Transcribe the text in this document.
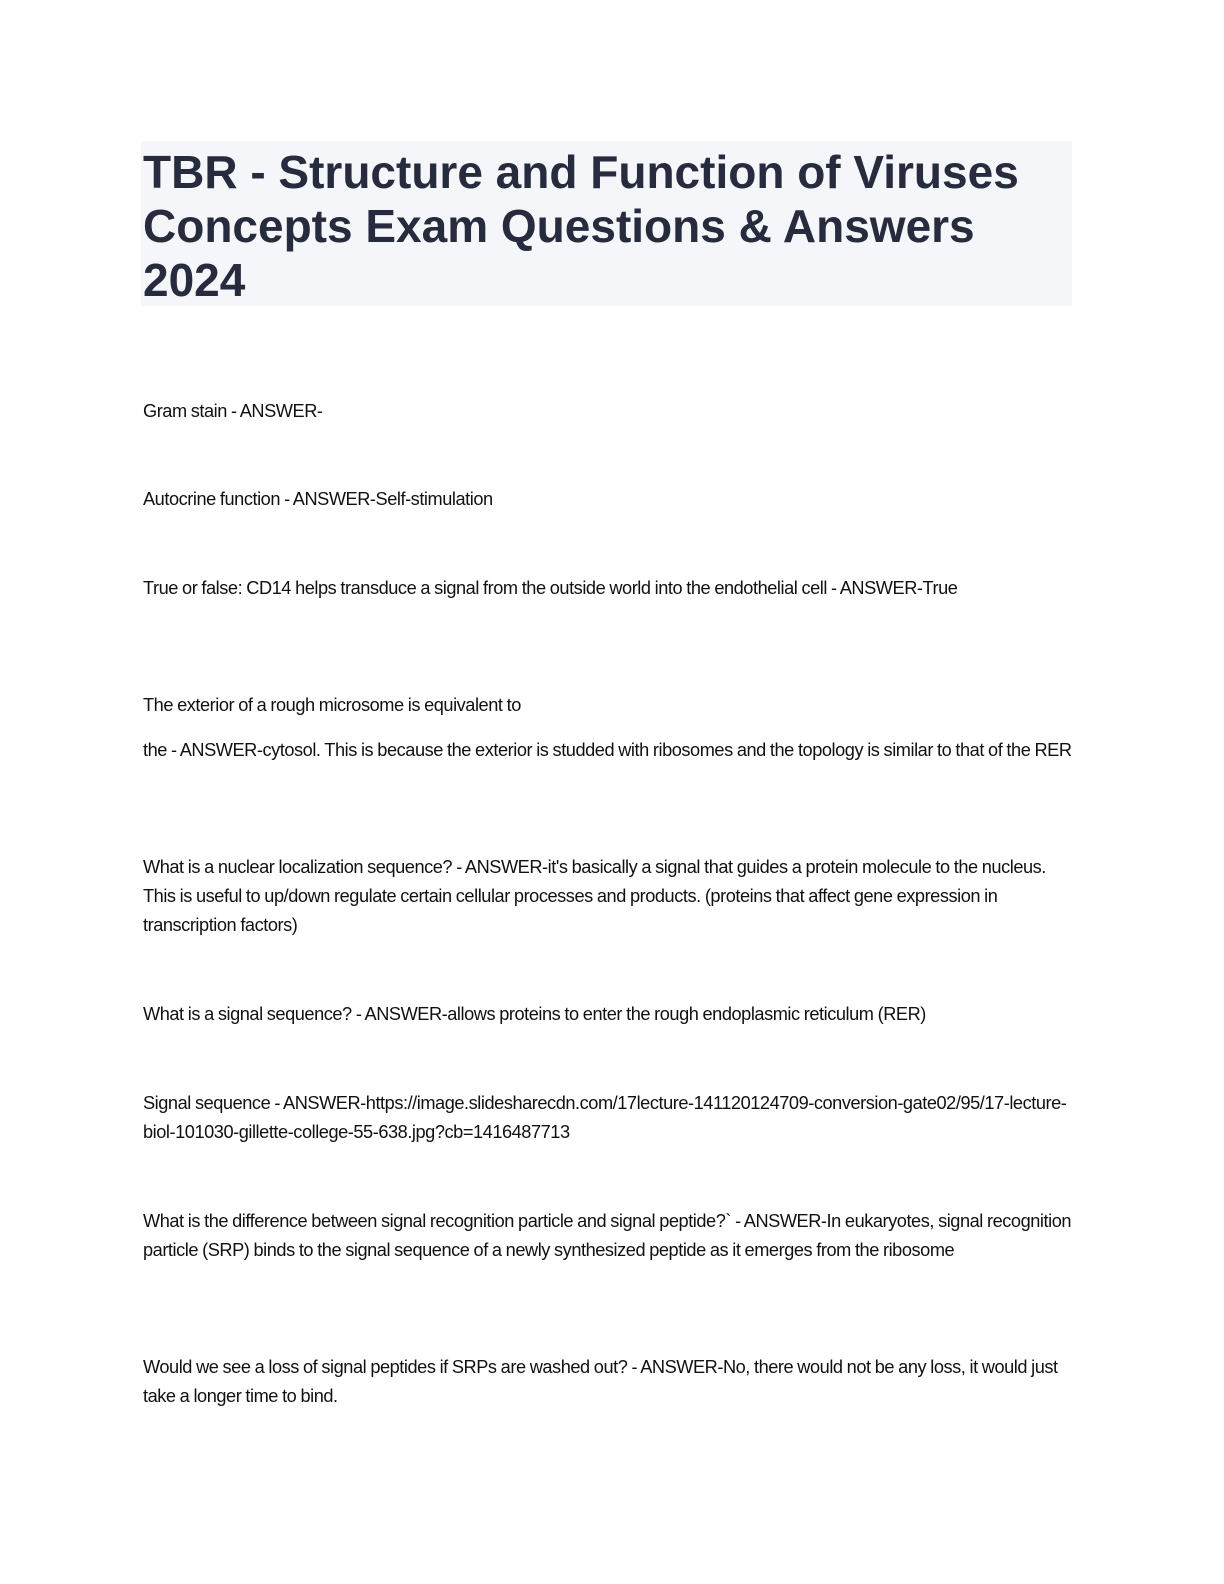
TBR - Structure and Function of Viruses Concepts Exam Questions & Answers 2024

Gram stain - ANSWER-

Autocrine function - ANSWER-Self-stimulation

True or false: CD14 helps transduce a signal from the outside world into the endothelial cell - ANSWER-True

The exterior of a rough microsome is equivalent to

the - ANSWER-cytosol. This is because the exterior is studded with ribosomes and the topology is similar to that of the RER

What is a nuclear localization sequence? - ANSWER-it's basically a signal that guides a protein molecule to the nucleus. This is useful to up/down regulate certain cellular processes and products. (proteins that affect gene expression in transcription factors)

What is a signal sequence? - ANSWER-allows proteins to enter the rough endoplasmic reticulum (RER)

Signal sequence - ANSWER-https://image.slidesharecdn.com/17lecture-141120124709-conversion-gate02/95/17-lecture-biol-101030-gillette-college-55-638.jpg?cb=1416487713

What is the difference between signal recognition particle and signal peptide?` - ANSWER-In eukaryotes, signal recognition particle (SRP) binds to the signal sequence of a newly synthesized peptide as it emerges from the ribosome

Would we see a loss of signal peptides if SRPs are washed out? - ANSWER-No, there would not be any loss, it would just take a longer time to bind.
